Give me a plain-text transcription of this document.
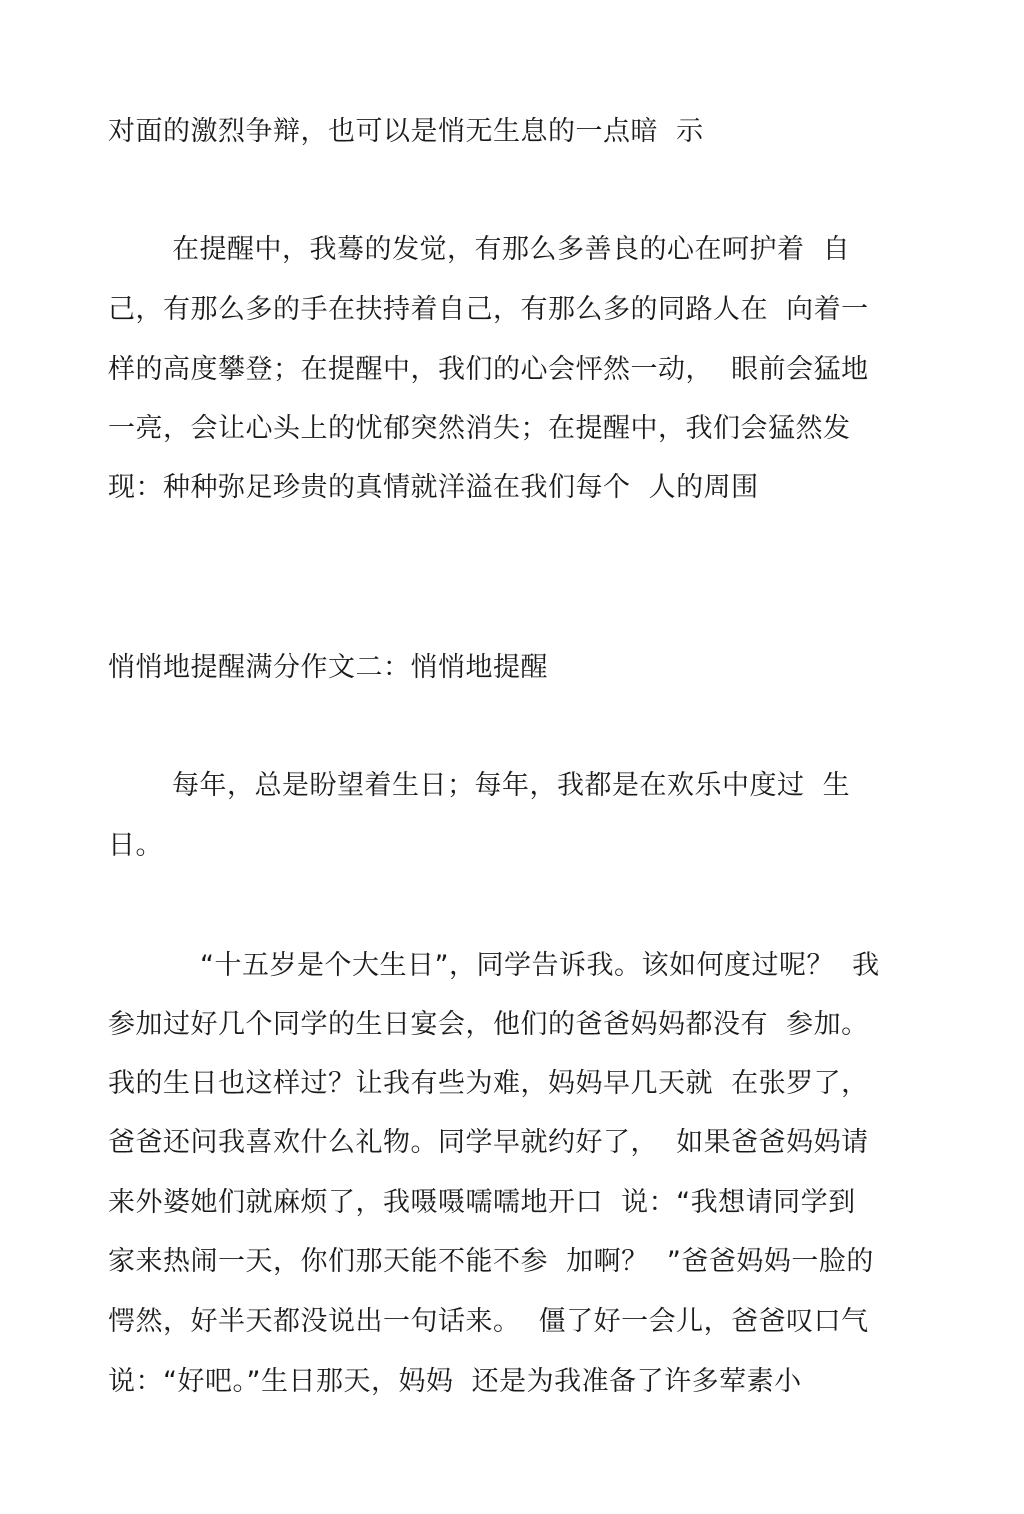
对面的激烈争辩，也可以是悄无生息的一点暗  示
在提醒中，我蓦的发觉，有那么多善良的心在呵护着  自
己，有那么多的手在扶持着自己，有那么多的同路人在  向着一
样的高度攀登；在提醒中，我们的心会怦然一动，  眼前会猛地
一亮，会让心头上的忧郁突然消失；在提醒中，我们会猛然发
现：种种弥足珍贵的真情就洋溢在我们每个  人的周围
悄悄地提醒满分作文二：悄悄地提醒
每年，总是盼望着生日；每年，我都是在欢乐中度过  生
日。
“十五岁是个大生日”，同学告诉我。该如何度过呢？  我
参加过好几个同学的生日宴会，他们的爸爸妈妈都没有  参加。
我的生日也这样过？让我有些为难，妈妈早几天就  在张罗了，
爸爸还问我喜欢什么礼物。同学早就约好了，  如果爸爸妈妈请
来外婆她们就麻烦了，我嗫嗫嚅嚅地开口  说：“我想请同学到
家来热闹一天，你们那天能不能不参  加啊？  ”爸爸妈妈一脸的
愕然，好半天都没说出一句话来。  僵了好一会儿，爸爸叹口气
说：“好吧。”生日那天，妈妈  还是为我准备了许多荤素小
